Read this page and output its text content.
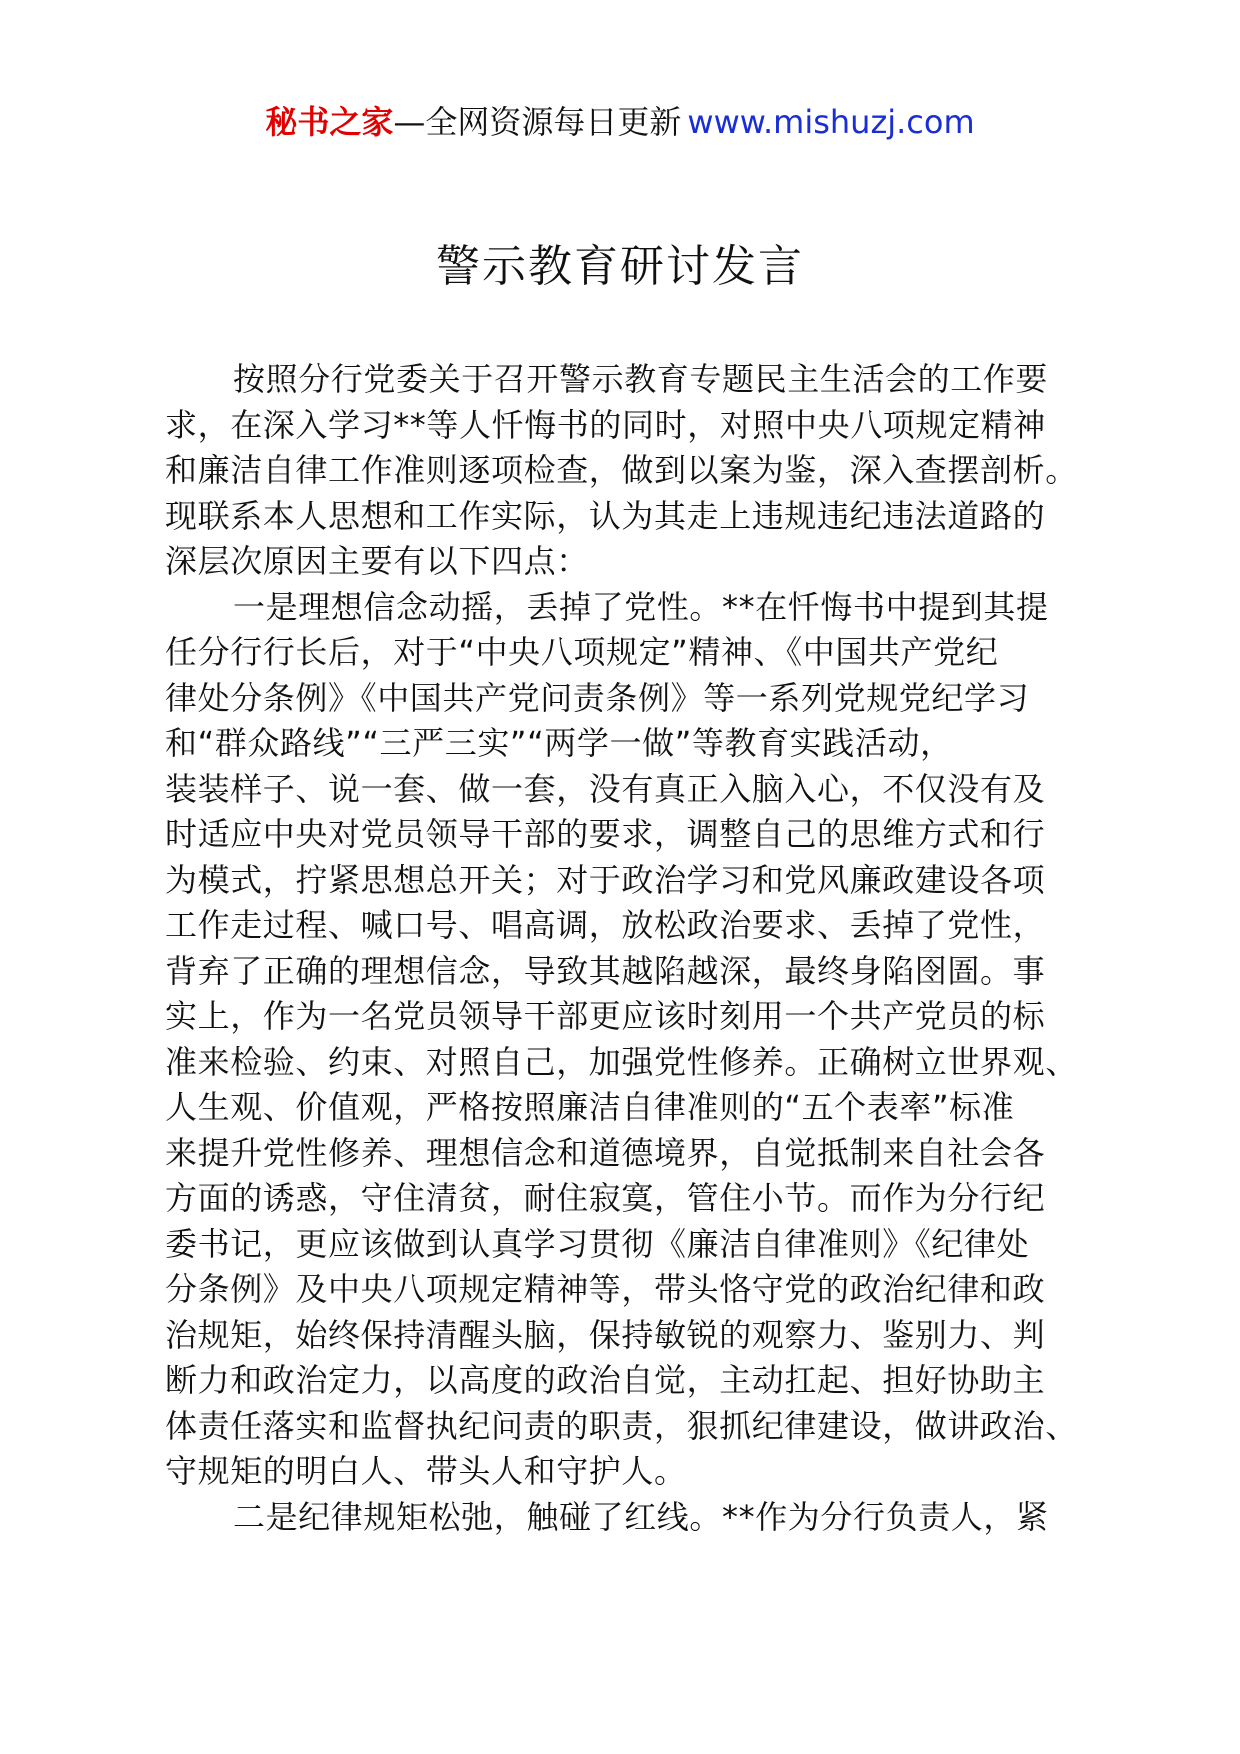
秘书之家—全网资源每日更新 www.mishuzj.com
警示教育研讨发言
按照分行党委关于召开警示教育专题民主生活会的工作要
求，在深入学习**等人忏悔书的同时，对照中央八项规定精神
和廉洁自律工作准则逐项检查，做到以案为鉴，深入查摆剖析。
现联系本人思想和工作实际，认为其走上违规违纪违法道路的
深层次原因主要有以下四点：
一是理想信念动摇，丢掉了党性。**在忏悔书中提到其提
任分行行长后，对于“中央八项规定”精神、《中国共产党纪
律处分条例》《中国共产党问责条例》等一系列党规党纪学习
和“群众路线”“三严三实”“两学一做”等教育实践活动，
装装样子、说一套、做一套，没有真正入脑入心，不仅没有及
时适应中央对党员领导干部的要求，调整自己的思维方式和行
为模式，拧紧思想总开关；对于政治学习和党风廉政建设各项
工作走过程、喊口号、唱高调，放松政治要求、丢掉了党性，
背弃了正确的理想信念，导致其越陷越深，最终身陷囹圄。事
实上，作为一名党员领导干部更应该时刻用一个共产党员的标
准来检验、约束、对照自己，加强党性修养。正确树立世界观、
人生观、价值观，严格按照廉洁自律准则的“五个表率”标准
来提升党性修养、理想信念和道德境界，自觉抵制来自社会各
方面的诱惑，守住清贫，耐住寂寞，管住小节。而作为分行纪
委书记，更应该做到认真学习贯彻《廉洁自律准则》《纪律处
分条例》及中央八项规定精神等，带头恪守党的政治纪律和政
治规矩，始终保持清醒头脑，保持敏锐的观察力、鉴别力、判
断力和政治定力，以高度的政治自觉，主动扛起、担好协助主
体责任落实和监督执纪问责的职责，狠抓纪律建设，做讲政治、
守规矩的明白人、带头人和守护人。
二是纪律规矩松弛，触碰了红线。**作为分行负责人，紧
